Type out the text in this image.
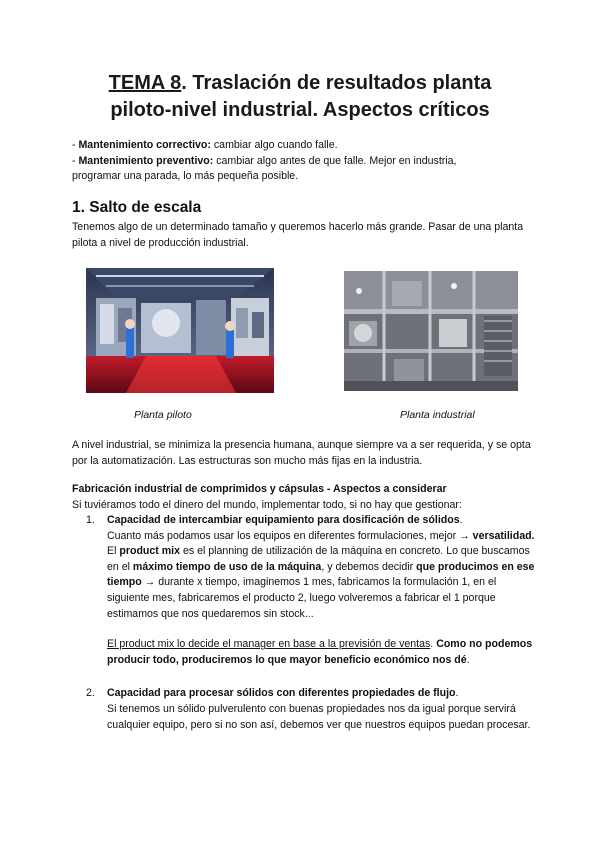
TEMA 8. Traslación de resultados planta
piloto-nivel industrial. Aspectos críticos
- Mantenimiento correctivo: cambiar algo cuando falle.
- Mantenimiento preventivo: cambiar algo antes de que falle. Mejor en industria,
programar una parada, lo más pequeña posible.
1. Salto de escala
Tenemos algo de un determinado tamaño y queremos hacerlo más grande. Pasar de una planta pilota a nivel de producción industrial.
Planta piloto	Planta industrial
A nivel industrial, se minimiza la presencia humana, aunque siempre va a ser requerida, y se opta por la automatización. Las estructuras son mucho más fijas en la industria.
Fabricación industrial de comprimidos y cápsulas - Aspectos a considerar
Si tuviéramos todo el dinero del mundo, implementar todo, si no hay que gestionar:
1. Capacidad de intercambiar equipamiento para dosificación de sólidos.
Cuanto más podamos usar los equipos en diferentes formulaciones, mejor → versatilidad. El product mix es el planning de utilización de la máquina en concreto. Lo que buscamos en el máximo tiempo de uso de la máquina, y debemos decidir que producimos en ese tiempo → durante x tiempo, imaginemos 1 mes, fabricamos la formulación 1, en el siguiente mes, fabricaremos el producto 2, luego volveremos a fabricar el 1 porque estimamos que nos quedaremos sin stock...
El product mix lo decide el manager en base a la previsión de ventas. Como no podemos producir todo, produciremos lo que mayor beneficio económico nos dé.
2. Capacidad para procesar sólidos con diferentes propiedades de flujo.
Si tenemos un sólido pulverulento con buenas propiedades nos da igual porque servirá cualquier equipo, pero si no son así, debemos ver que nuestros equipos puedan procesar.
